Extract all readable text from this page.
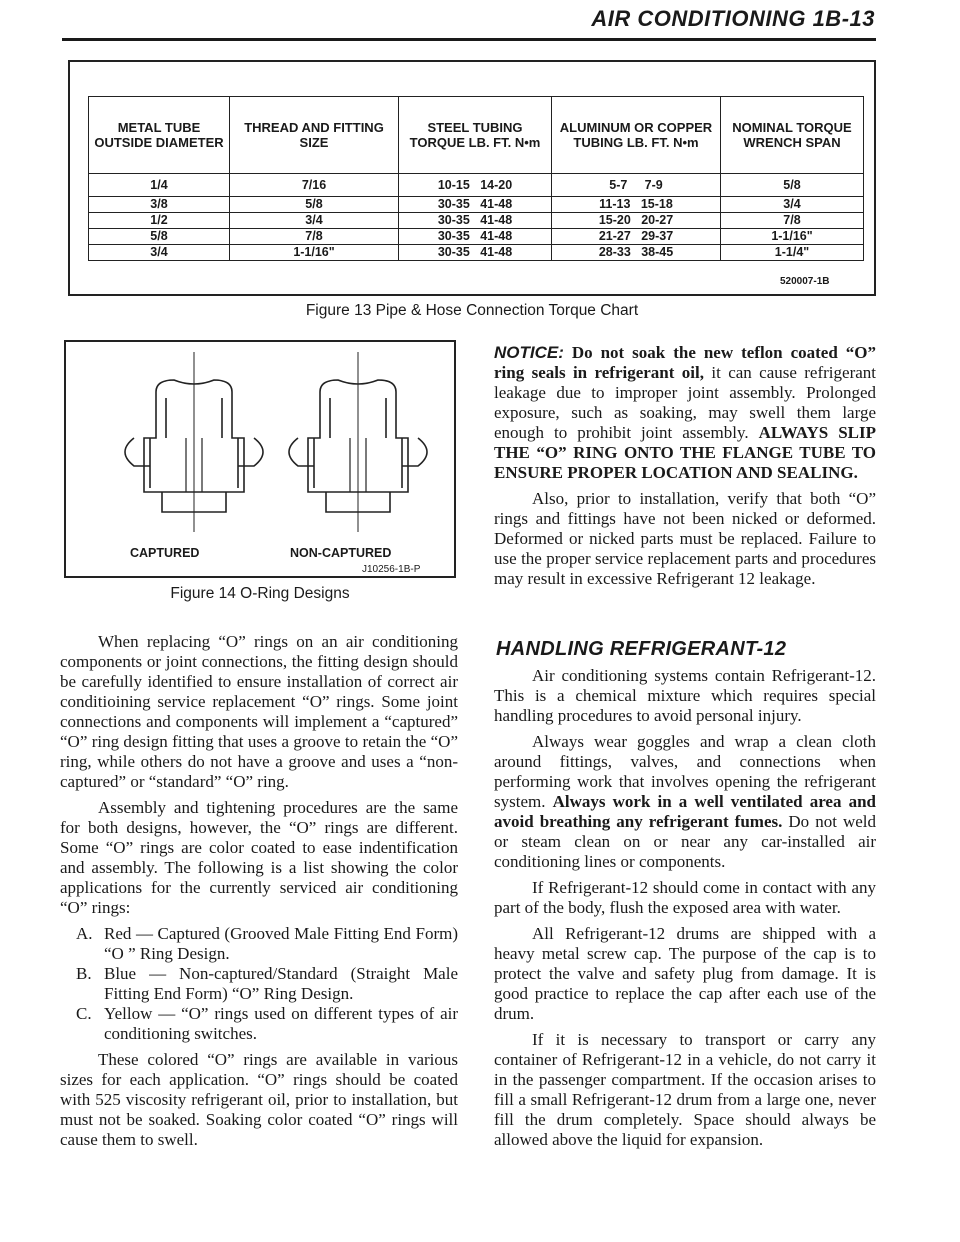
AIR CONDITIONING 1B-13
METAL TUBE OUTSIDE DIAMETER	THREAD AND FITTING SIZE	STEEL TUBING TORQUE LB. FT. N•m	ALUMINUM OR COPPER TUBING LB. FT. N•m	NOMINAL TORQUE WRENCH SPAN
1/4	7/16	10-15   14-20	5-7     7-9	5/8
3/8	5/8	30-35   41-48	11-13   15-18	3/4
1/2	3/4	30-35   41-48	15-20   20-27	7/8
5/8	7/8	30-35   41-48	21-27   29-37	1-1/16"
3/4	1-1/16"	30-35   41-48	28-33   38-45	1-1/4"
520007-1B
Figure 13 Pipe & Hose Connection Torque Chart
CAPTURED	NON-CAPTURED
J10256-1B-P
Figure 14 O-Ring Designs

NOTICE: Do not soak the new teflon coated “O” ring seals in refrigerant oil, it can cause refrigerant leakage due to improper joint assembly. Prolonged exposure, such as soaking, may swell them large enough to prohibit joint assembly. ALWAYS SLIP THE “O” RING ONTO THE FLANGE TUBE TO ENSURE PROPER LOCATION AND SEALING.

Also, prior to installation, verify that both “O” rings and fittings have not been nicked or deformed. Deformed or nicked parts must be replaced. Failure to use the proper service replacement parts and procedures may result in excessive Refrigerant 12 leakage.

When replacing “O” rings on an air conditioning components or joint connections, the fitting design should be carefully identified to ensure installation of correct air conditioining service replacement “O” rings. Some joint connections and components will implement a “captured” “O” ring design fitting that uses a groove to retain the “O” ring, while others do not have a groove and uses a “non-captured” or “standard” “O” ring.

Assembly and tightening procedures are the same for both designs, however, the “O” rings are different. Some “O” rings are color coated to ease indentification and assembly. The following is a list showing the color applications for the currently serviced air conditioning “O” rings:

A. Red — Captured (Grooved Male Fitting End Form) “O ” Ring Design.
B. Blue — Non-captured/Standard (Straight Male Fitting End Form) “O” Ring Design.
C. Yellow — “O” rings used on different types of air conditioning switches.

These colored “O” rings are available in various sizes for each application. “O” rings should be coated with 525 viscosity refrigerant oil, prior to installation, but must not be soaked. Soaking color coated “O” rings will cause them to swell.

HANDLING REFRIGERANT-12

Air conditioning systems contain Refrigerant-12. This is a chemical mixture which requires special handling procedures to avoid personal injury.

Always wear goggles and wrap a clean cloth around fittings, valves, and connections when performing work that involves opening the refrigerant system. Always work in a well ventilated area and avoid breathing any refrigerant fumes. Do not weld or steam clean on or near any car-installed air conditioning lines or components.

If Refrigerant-12 should come in contact with any part of the body, flush the exposed area with water.

All Refrigerant-12 drums are shipped with a heavy metal screw cap. The purpose of the cap is to protect the valve and safety plug from damage. It is good practice to replace the cap after each use of the drum.

If it is necessary to transport or carry any container of Refrigerant-12 in a vehicle, do not carry it in the passenger compartment. If the occasion arises to fill a small Refrigerant-12 drum from a large one, never fill the drum completely. Space should always be allowed above the liquid for expansion.
